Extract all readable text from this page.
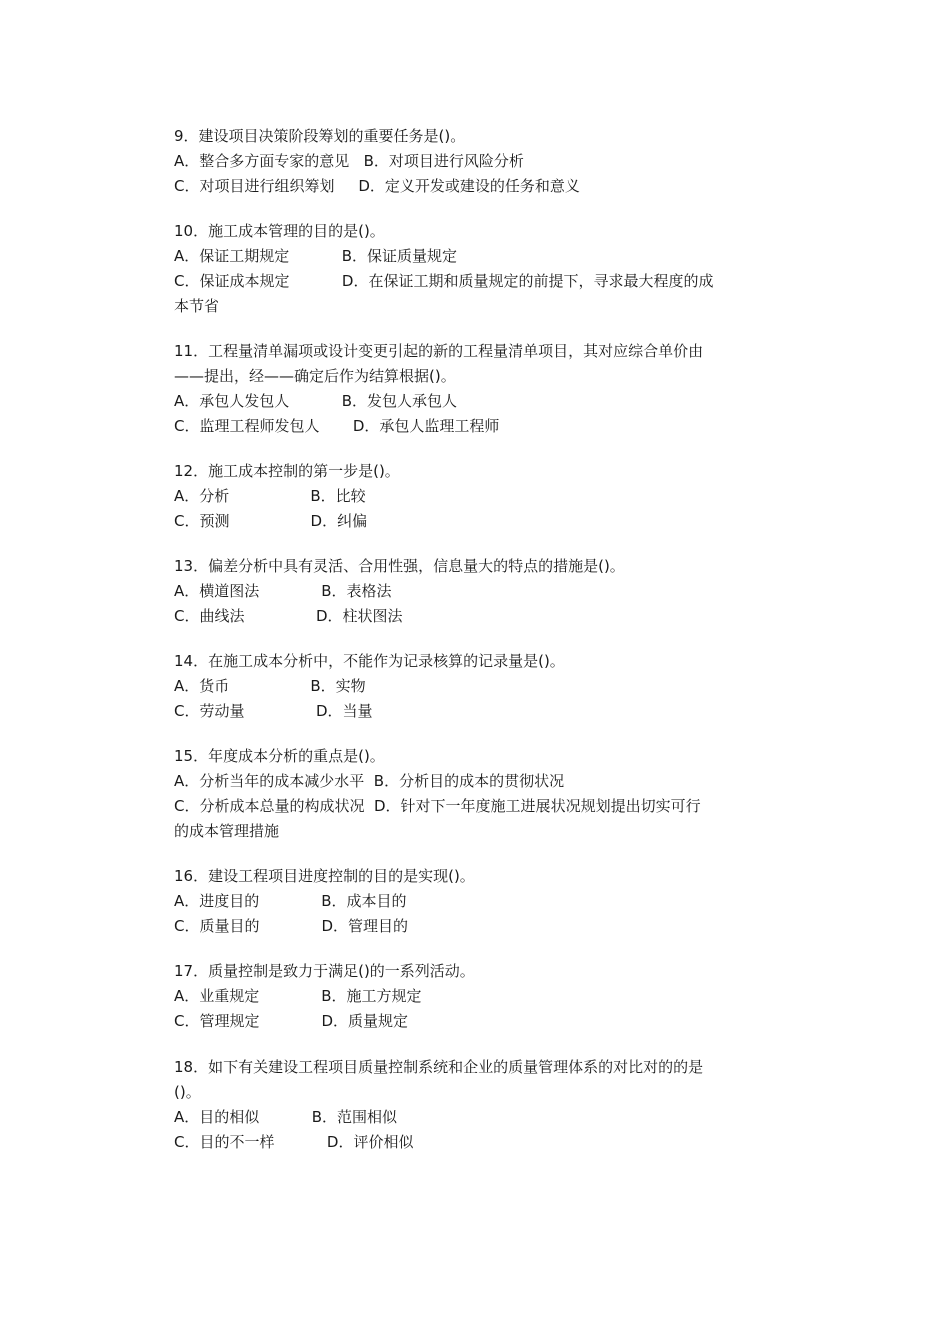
9．建设项目决策阶段筹划的重要任务是()。
A．整合多方面专家的意见   B．对项目进行风险分析
C．对项目进行组织筹划     D．定义开发或建设的任务和意义
10．施工成本管理的目的是()。
A．保证工期规定           B．保证质量规定
C．保证成本规定           D．在保证工期和质量规定的前提下，寻求最大程度的成
本节省
11．工程量清单漏项或设计变更引起的新的工程量清单项目，其对应综合单价由
——提出，经——确定后作为结算根据()。
A．承包人发包人           B．发包人承包人
C．监理工程师发包人       D．承包人监理工程师
12．施工成本控制的第一步是()。
A．分析                 B．比较
C．预测                 D．纠偏
13．偏差分析中具有灵活、合用性强，信息量大的特点的措施是()。
A．横道图法             B．表格法
C．曲线法               D．柱状图法
14．在施工成本分析中，不能作为记录核算的记录量是()。
A．货币                 B．实物
C．劳动量               D．当量
15．年度成本分析的重点是()。
A．分析当年的成本减少水平  B．分析目的成本的贯彻状况
C．分析成本总量的构成状况  D．针对下一年度施工进展状况规划提出切实可行
的成本管理措施
16．建设工程项目进度控制的目的是实现()。
A．进度目的             B．成本目的
C．质量目的             D．管理目的
17．质量控制是致力于满足()的一系列活动。
A．业重规定             B．施工方规定
C．管理规定             D．质量规定
18．如下有关建设工程项目质量控制系统和企业的质量管理体系的对比对的的是
()。
A．目的相似           B．范围相似
C．目的不一样           D．评价相似
